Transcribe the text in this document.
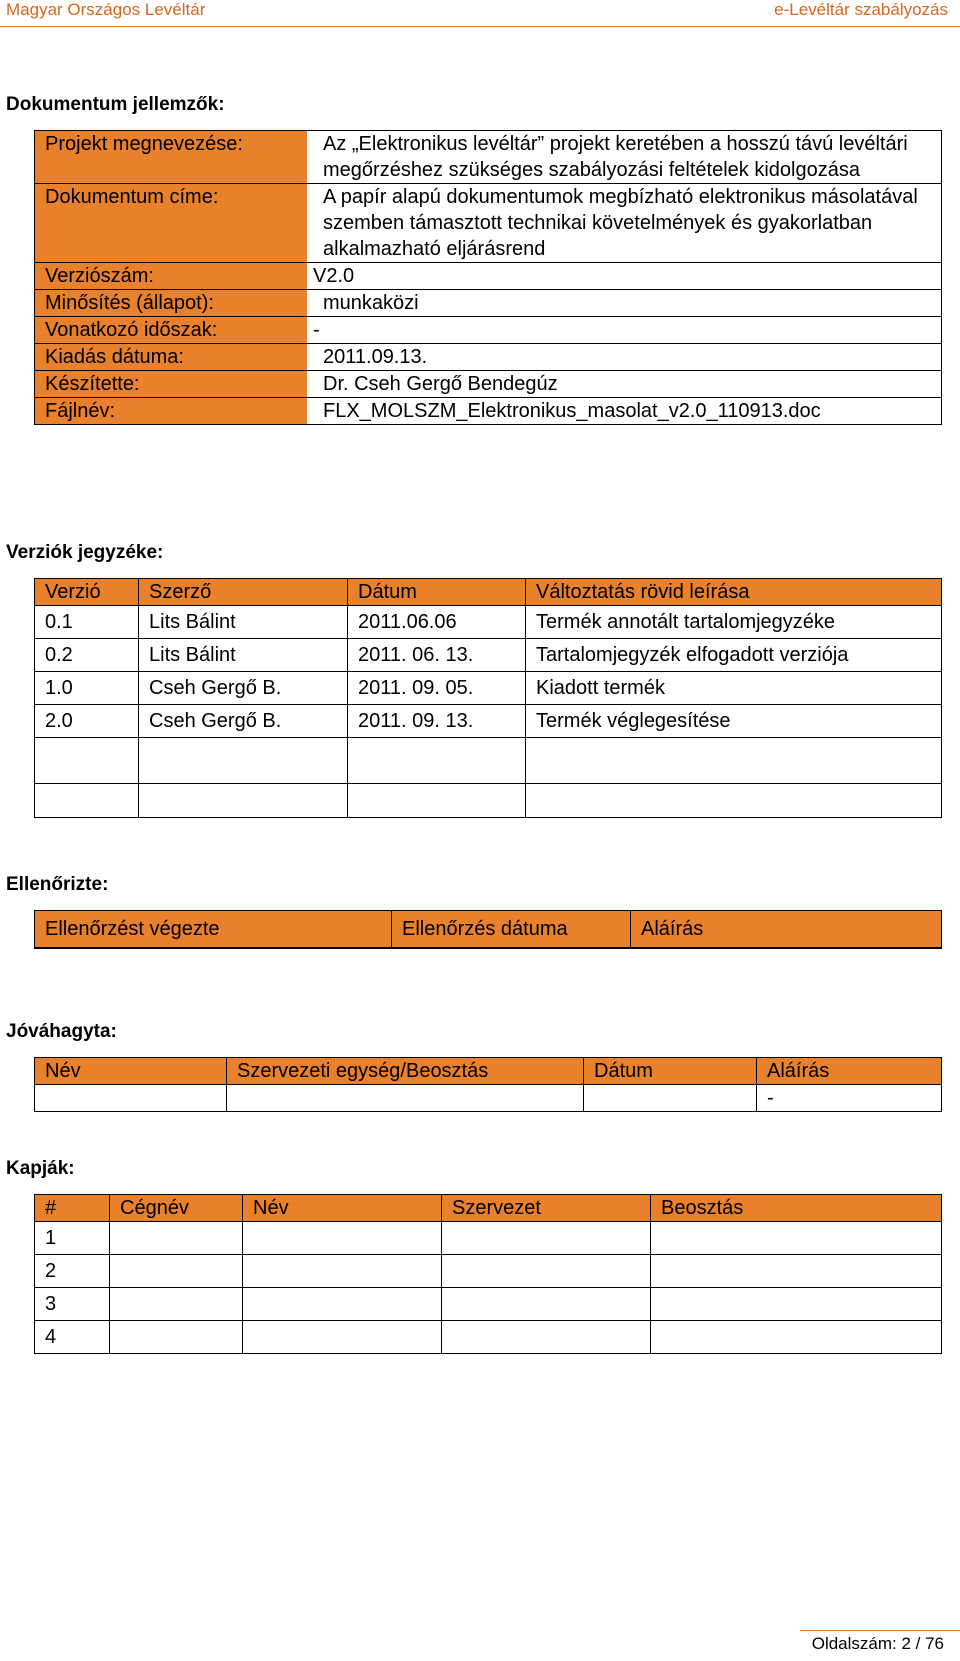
Magyar Országos Levéltár	e-Levéltár szabályozás
Dokumentum jellemzők:
Projekt megnevezése:	Az „Elektronikus levéltár” projekt keretében a hosszú távú levéltári megőrzéshez szükséges szabályozási feltételek kidolgozása
Dokumentum címe:	A papír alapú dokumentumok megbízható elektronikus másolatával szemben támasztott technikai követelmények és gyakorlatban alkalmazható eljárásrend
Verziószám:	V2.0
Minősítés (állapot):	munkaközi
Vonatkozó időszak:	-
Kiadás dátuma:	2011.09.13.
Készítette:	Dr. Cseh Gergő Bendegúz
Fájlnév:	FLX_MOLSZM_Elektronikus_masolat_v2.0_110913.doc
Verziók jegyzéke:
Verzió	Szerző	Dátum	Változtatás rövid leírása
0.1	Lits Bálint	2011.06.06	Termék annotált tartalomjegyzéke
0.2	Lits Bálint	2011. 06. 13.	Tartalomjegyzék elfogadott verziója
1.0	Cseh Gergő B.	2011. 09. 05.	Kiadott termék
2.0	Cseh Gergő B.	2011. 09. 13.	Termék véglegesítése

Ellenőrizte:
Ellenőrzést végezte	Ellenőrzés dátuma	Aláírás

Jóváhagyta:
Név	Szervezeti egység/Beosztás	Dátum	Aláírás
			-
Kapják:
#	Cégnév	Név	Szervezet	Beosztás
1				
2				
3				
4				
Oldalszám: 2 / 76
